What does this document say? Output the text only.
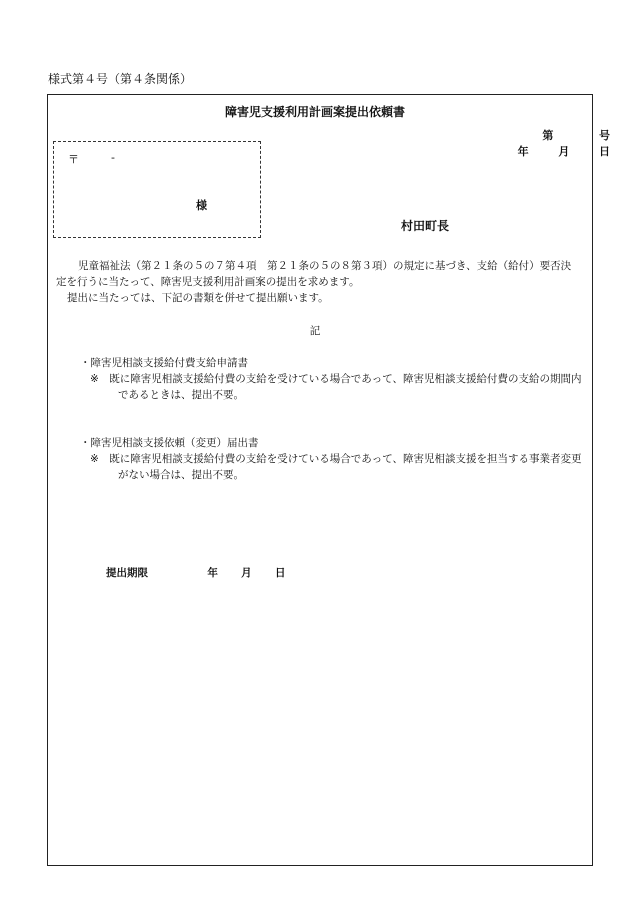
様式第４号（第４条関係）
障害児支援利用計画案提出依頼書
第	号
年	月	日
〒	-
様
村田町長

児童福祉法（第２１条の５の７第４項　第２１条の５の８第３項）の規定に基づき、支給（給付）要否決

定を行うに当たって、障害児支援利用計画案の提出を求めます。

提出に当たっては、下記の書類を併せて提出願います。

記
・障害児相談支援給付費支給申請書
※　既に障害児相談支援給付費の支給を受けている場合であって、障害児相談支援給付費の支給の期間内であるときは、提出不要。
・障害児相談支援依頼（変更）届出書
※　既に障害児相談支援給付費の支給を受けている場合であって、障害児相談支援を担当する事業者変更がない場合は、提出不要。
提出期限	年 月 日
